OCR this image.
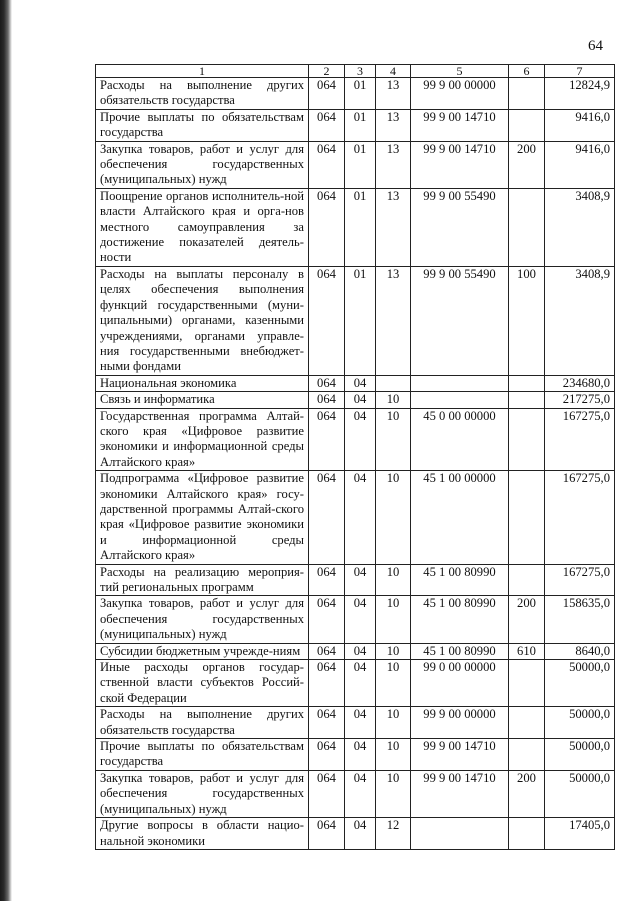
64
1	2	3	4	5	6	7
Расходы на выполнение других обязательств государства	064	01	13	99 9 00 00000		12824,9
Прочие выплаты по обязательствам государства	064	01	13	99 9 00 14710		9416,0
Закупка товаров, работ и услуг для обеспечения государственных (муниципальных) нужд	064	01	13	99 9 00 14710	200	9416,0
Поощрение органов исполнитель-ной власти Алтайского края и орга-нов местного самоуправления за достижение показателей деятель-ности	064	01	13	99 9 00 55490		3408,9
Расходы на выплаты персоналу в целях обеспечения выполнения функций государственными (муни-ципальными) органами, казенными учреждениями, органами управле-ния государственными внебюджет-ными фондами	064	01	13	99 9 00 55490	100	3408,9
Национальная экономика	064	04				234680,0
Связь и информатика	064	04	10			217275,0
Государственная программа Алтай-ского края «Цифровое развитие экономики и информационной среды Алтайского края»	064	04	10	45 0 00 00000		167275,0
Подпрограмма «Цифровое развитие экономики Алтайского края» госу-дарственной программы Алтай-ского края «Цифровое развитие экономики и информационной среды Алтайского края»	064	04	10	45 1 00 00000		167275,0
Расходы на реализацию мероприя-тий региональных программ	064	04	10	45 1 00 80990		167275,0
Закупка товаров, работ и услуг для обеспечения государственных (муниципальных) нужд	064	04	10	45 1 00 80990	200	158635,0
Субсидии бюджетным учрежде-ниям	064	04	10	45 1 00 80990	610	8640,0
Иные расходы органов государ-ственной власти субъектов Россий-ской Федерации	064	04	10	99 0 00 00000		50000,0
Расходы на выполнение других обязательств государства	064	04	10	99 9 00 00000		50000,0
Прочие выплаты по обязательствам государства	064	04	10	99 9 00 14710		50000,0
Закупка товаров, работ и услуг для обеспечения государственных (муниципальных) нужд	064	04	10	99 9 00 14710	200	50000,0
Другие вопросы в области нацио-нальной экономики	064	04	12			17405,0
